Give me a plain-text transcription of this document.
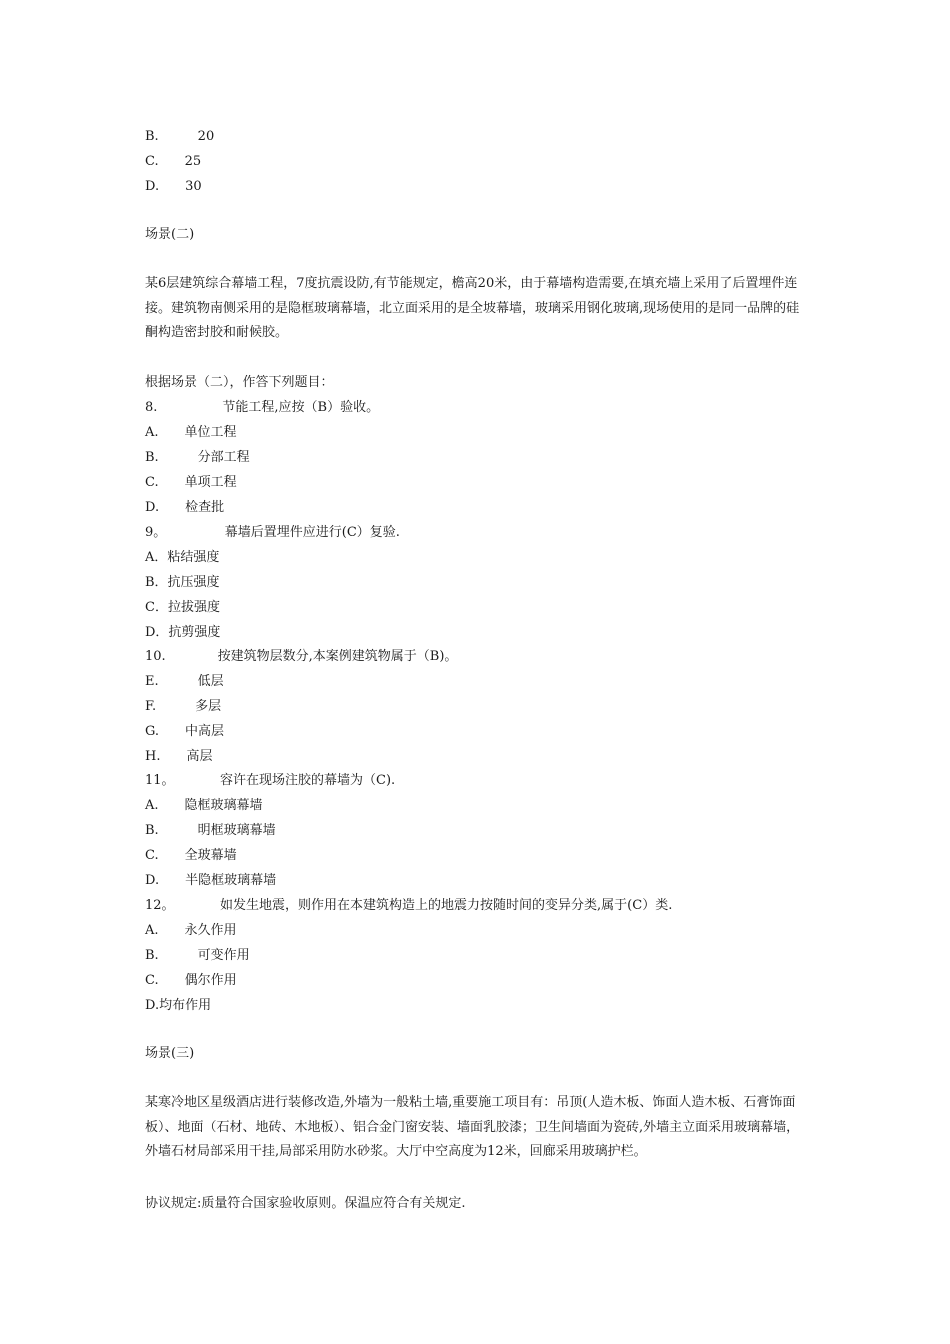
B.　　　20
C.　　25
D.　　30
场景(二)
某6层建筑综合幕墙工程，7度抗震设防,有节能规定，檐高20米，由于幕墙构造需要,在填充墙上采用了后置埋件连接。建筑物南侧采用的是隐框玻璃幕墙，北立面采用的是全坡幕墙，玻璃采用钢化玻璃,现场使用的是同一品牌的硅酮构造密封胶和耐候胶。
根据场景（二），作答下列题目：
8.　　　　　节能工程,应按（B）验收。
A.　　单位工程
B.　　　分部工程
C.　　单项工程
D.　　检查批
9。　　　　　幕墙后置埋件应进行(C）复验.
A．粘结强度
B．抗压强度
C．拉拔强度
D．抗剪强度
10.　　　　按建筑物层数分,本案例建筑物属于（B)。
E.　　　低层
F.　　　多层
G.　　中高层
H.　　高层
11。　　　　容许在现场注胶的幕墙为（C).
A.　　隐框玻璃幕墙
B.　　　明框玻璃幕墙
C.　　全玻幕墙
D.　　半隐框玻璃幕墙
12。　　　　如发生地震，则作用在本建筑构造上的地震力按随时间的变异分类,属于(C）类.
A.　　永久作用
B.　　　可变作用
C.　　偶尔作用
D.均布作用
场景(三)
某寒冷地区星级酒店进行装修改造,外墙为一般粘土墙,重要施工项目有：吊顶(人造木板、饰面人造木板、石膏饰面板）、地面（石材、地砖、木地板）、铝合金门窗安装、墙面乳胶漆；卫生间墙面为瓷砖,外墙主立面采用玻璃幕墙，外墙石材局部采用干挂,局部采用防水砂浆。大厅中空高度为12米，回廊采用玻璃护栏。
协议规定:质量符合国家验收原则。保温应符合有关规定.
